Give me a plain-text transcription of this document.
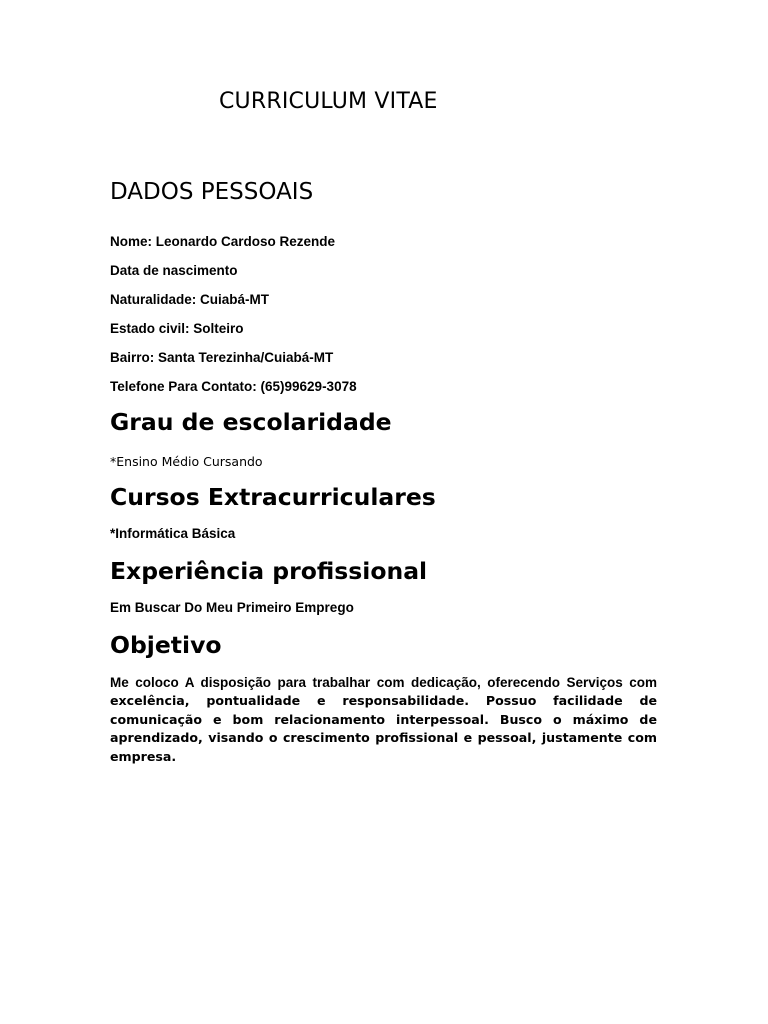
CURRICULUM VITAE
DADOS PESSOAIS
Nome: Leonardo Cardoso Rezende
Data de nascimento
Naturalidade: Cuiabá-MT
Estado civil: Solteiro
Bairro: Santa Terezinha/Cuiabá-MT
Telefone Para Contato: (65)99629-3078
Grau de escolaridade
*Ensino Médio Cursando
Cursos Extracurriculares
*Informática Básica
Experiência profissional
Em Buscar Do Meu Primeiro Emprego
Objetivo

Me coloco A disposição para trabalhar com dedicação, oferecendo Serviços com excelência, pontualidade e responsabilidade. Possuo facilidade de comunicação e bom relacionamento interpessoal. Busco o máximo de aprendizado, visando o crescimento profissional e pessoal, justamente com empresa.
